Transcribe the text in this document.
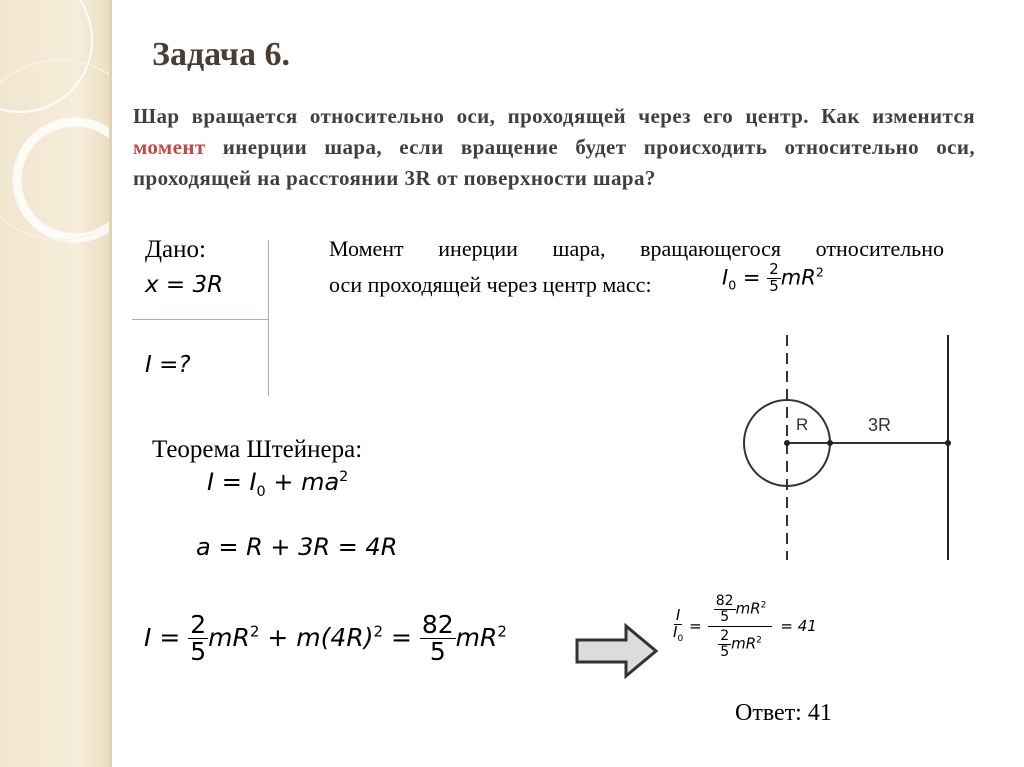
Задача 6.
Шар вращается относительно оси, проходящей через его центр. Как изменится момент инерции шара, если вращение будет происходить относительно оси, проходящей на расстоянии 3R от поверхности шара?
Дано:
x = 3R
I =?
Момент инерции шара, вращающегося относительно
оси проходящей через центр масс:	$I_0 = \frac{2}{5} mR^2$
R	3R
Теорема Штейнера:
$I = I_0 + ma^2$
a = R + 3R = 4R
$I = \frac{2}{5} mR^2 + m(4R)^2 = \frac{82}{5} mR^2$	$\frac{I}{I_0} = \frac{\frac{82}{5} mR^2}{\frac{2}{5} mR^2} = 41$
Ответ: 41
